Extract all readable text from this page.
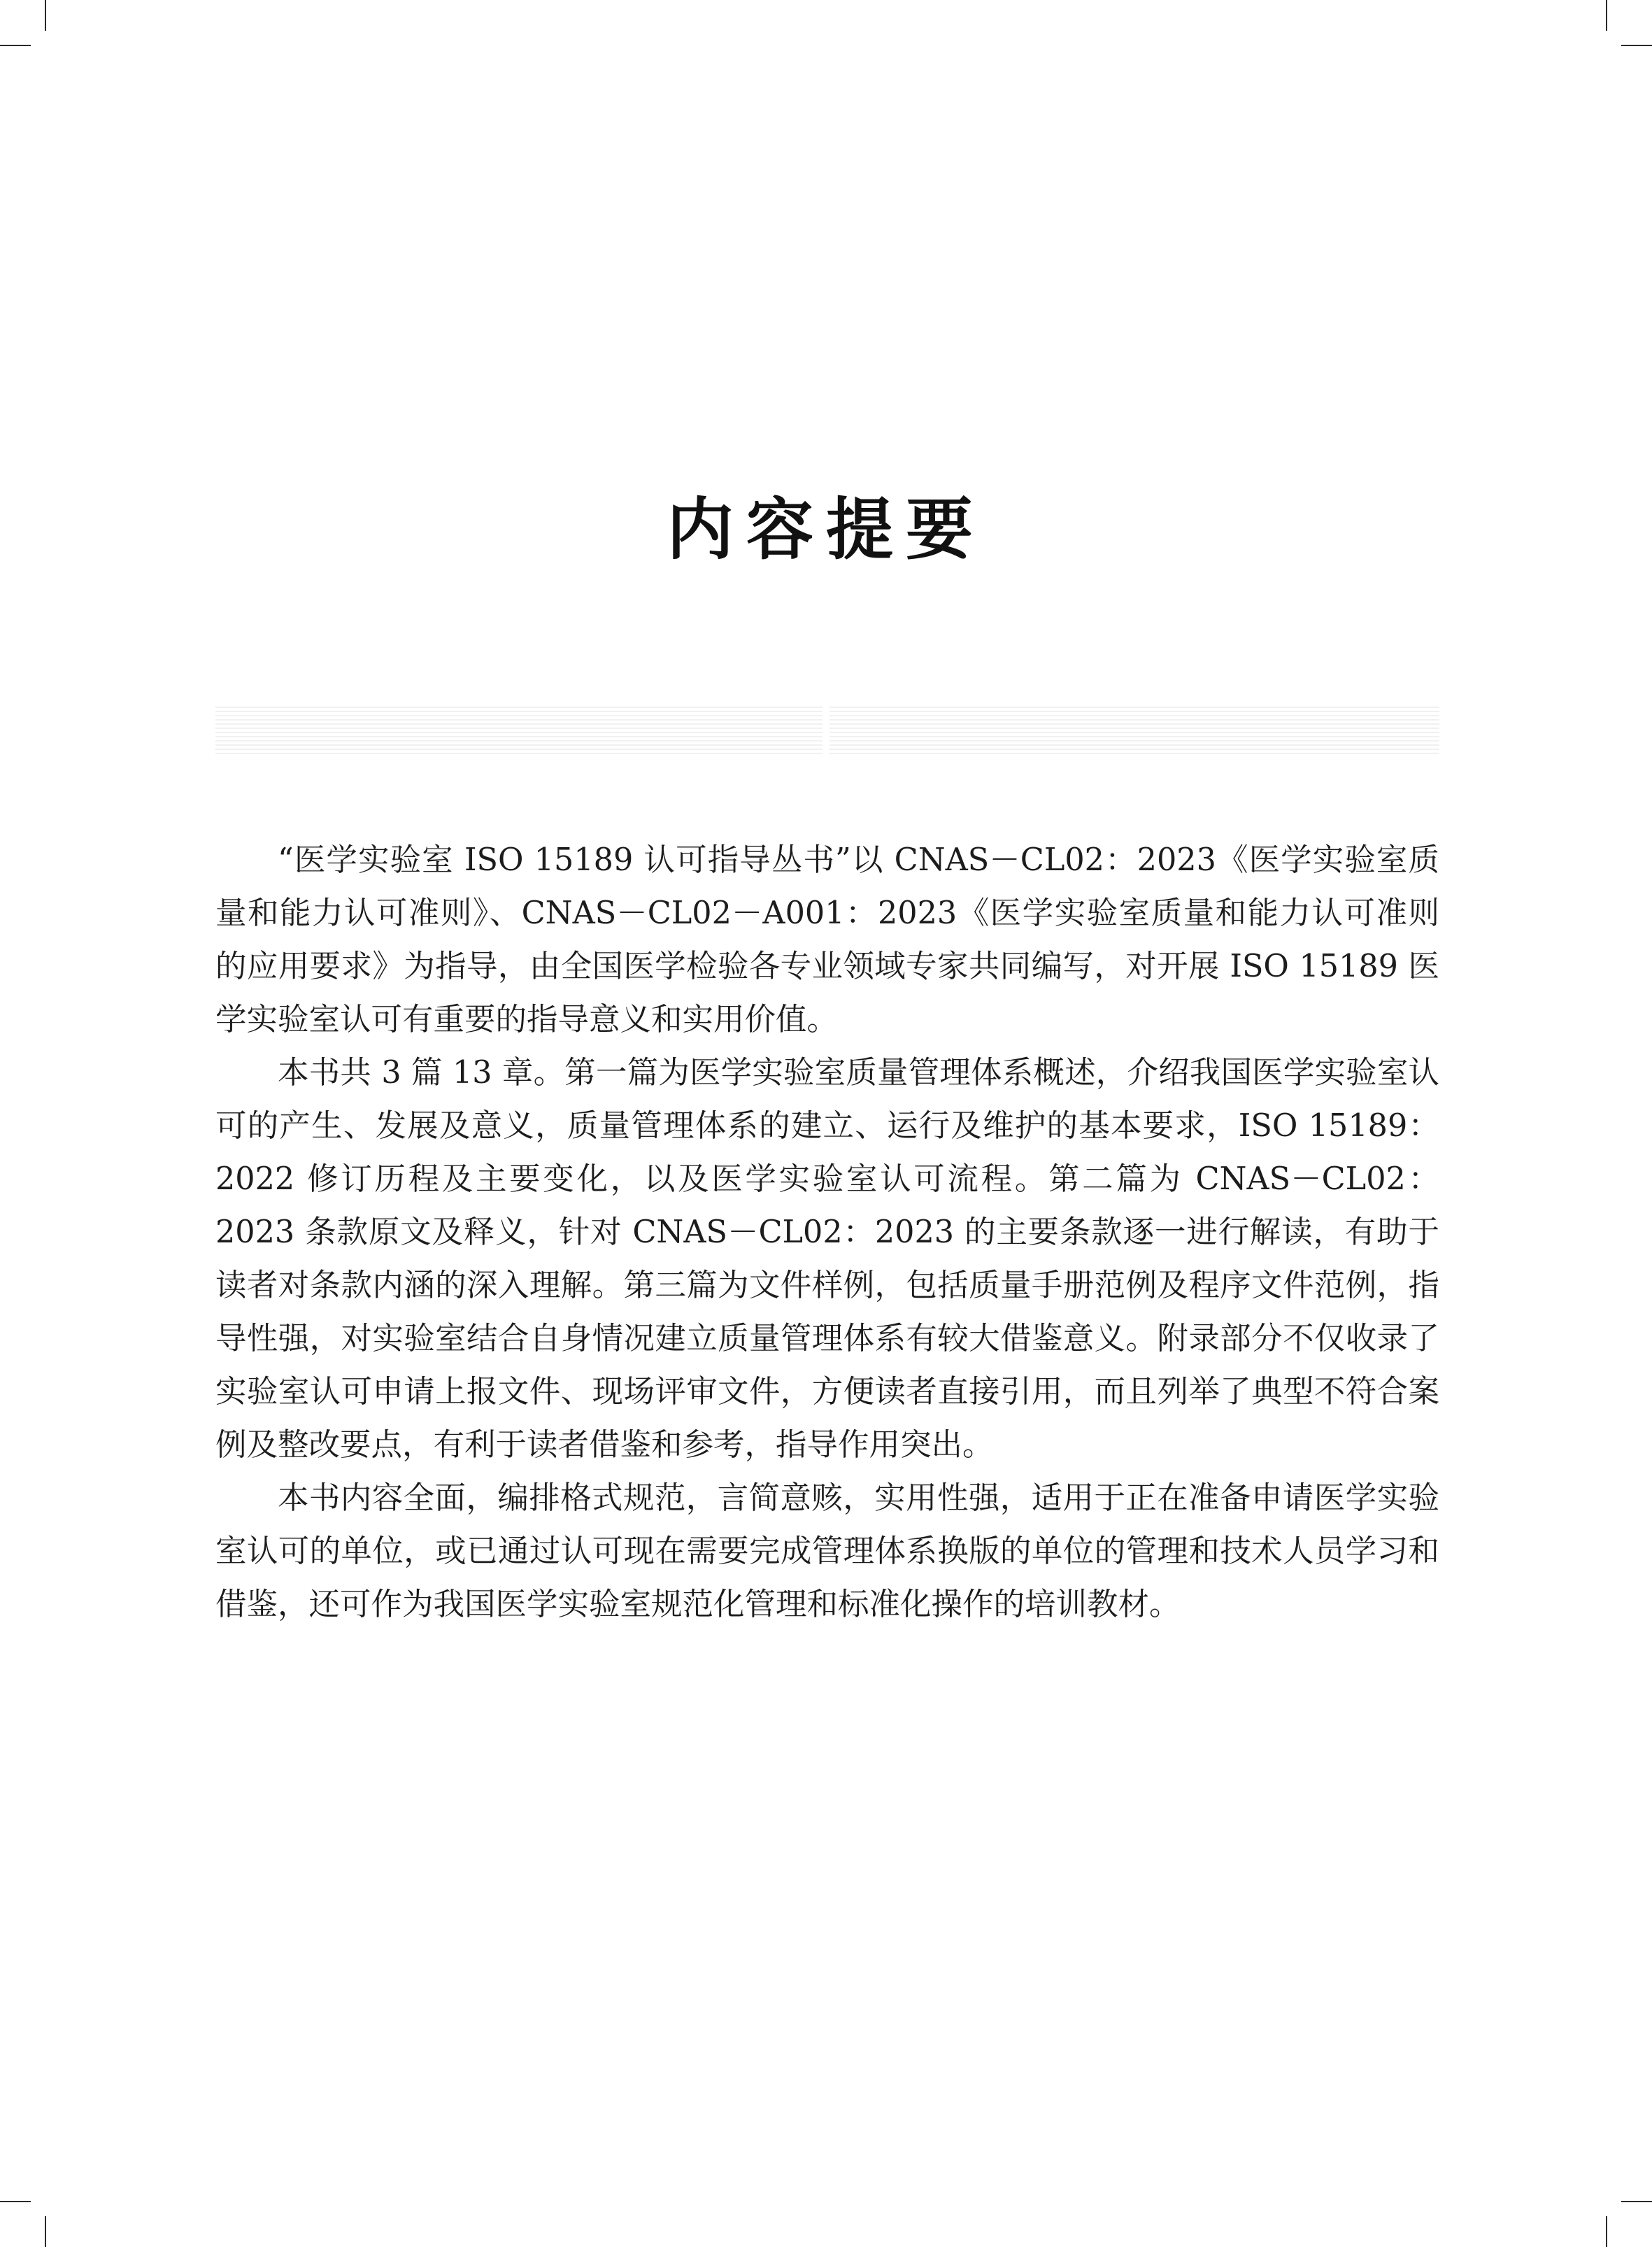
内容提要

“医学实验室 ISO 15189 认可指导丛书”以 CNAS－CL02：2023《医学实验室质量和能力认可准则》、CNAS－CL02－A001：2023《医学实验室质量和能力认可准则的应用要求》为指导，由全国医学检验各专业领域专家共同编写，对开展 ISO 15189 医学实验室认可有重要的指导意义和实用价值。

本书共 3 篇 13 章。第一篇为医学实验室质量管理体系概述，介绍我国医学实验室认可的产生、发展及意义，质量管理体系的建立、运行及维护的基本要求，ISO 15189：2022 修订历程及主要变化，以及医学实验室认可流程。第二篇为 CNAS－CL02：2023 条款原文及释义，针对 CNAS－CL02：2023 的主要条款逐一进行解读，有助于读者对条款内涵的深入理解。第三篇为文件样例，包括质量手册范例及程序文件范例，指导性强，对实验室结合自身情况建立质量管理体系有较大借鉴意义。附录部分不仅收录了实验室认可申请上报文件、现场评审文件，方便读者直接引用，而且列举了典型不符合案例及整改要点，有利于读者借鉴和参考，指导作用突出。

本书内容全面，编排格式规范，言简意赅，实用性强，适用于正在准备申请医学实验室认可的单位，或已通过认可现在需要完成管理体系换版的单位的管理和技术人员学习和借鉴，还可作为我国医学实验室规范化管理和标准化操作的培训教材。
